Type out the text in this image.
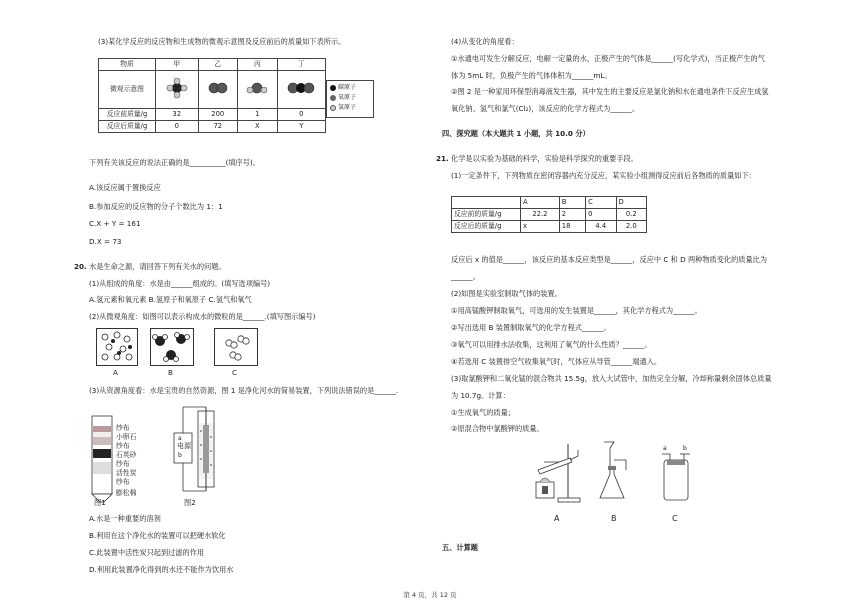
(3)某化学反应的反应物和生成物的微观示意图及反应前后的质量如下表所示。
物质	甲	乙	丙	丁
微观示意图				
反应前质量/g	32	200	1	0
反应后质量/g	0	72	X	Y
碳原子
氧原子
氢原子
下列有关该反应的说法正确的是__________(填序号)。
A.该反应属于置换反应
B.参加反应的反应物的分子个数比为 1：1
C.X + Y = 161
D.X = 73
20. 水是生命之源，请回答下列有关水的问题。
(1)从组成的角度：水是由______组成的。(填写选项编号)
A.氢元素和氧元素 B.氢原子和氧原子 C.氢气和氧气
(2)从微观角度：如图可以表示构成水的微粒的是______.(填写图示编号)
A	B	C
(3)从资源角度看：水是宝贵的自然资源，图 1 是净化河水的简易装置，下列说法错误的是______.
纱布
小卵石
纱布
石英砂
纱布
活性炭
纱布
膨松棉
图1
电源
a
b
图2
A.水是一种重要的溶剂
B.利用在这个净化水的装置可以把硬水软化
C.此装置中活性炭只起到过滤的作用
D.利用此装置净化得到的水还不能作为饮用水
(4)从变化的角度看：
①水通电可发生分解反应，电解一定量的水，正极产生的气体是______(写化学式)，当正极产生的气
体为 5mL 时，负极产生的气体体积为______mL。
②图 2 是一种家用环保型消毒液发生器，其中发生的主要反应是氯化钠和水在通电条件下反应生成氢
氧化钠、氢气和氯气(Cl₂)，该反应的化学方程式为______。
四、探究题（本大题共 1 小题，共 10.0 分）
21. 化学是以实验为基础的科学，实验是科学探究的重要手段。
(1)一定条件下，下列物质在密闭容器内充分反应，某实验小组测得反应前后各物质的质量如下：
	A	B	C	D
反应前的质量/g	22.2	2	0	0.2
反应后的质量/g	x	18	4.4	2.0
反应后 x 的值是______，该反应的基本反应类型是______，反应中 C 和 D 两种物质变化的质量比为
______。
(2)如图是实验室制取气体的装置。
①用高锰酸钾制取氧气，可选用的发生装置是______，其化学方程式为______。
②写出选用 B 装置制取氧气的化学方程式______。
③氧气可以用排水法收集，这利用了氧气的什么性质？______。
④若选用 C 装置排空气收集氧气时，气体应从导管______端通入。
(3)取氯酸钾和二氧化锰的混合物共 15.5g，放入大试管中，加热完全分解，冷却称量剩余固体总质量
为 10.7g。计算：
①生成氧气的质量；
②原混合物中氯酸钾的质量。
a	b
A	B	C
五、计算题
第 4 页，共 12 页
